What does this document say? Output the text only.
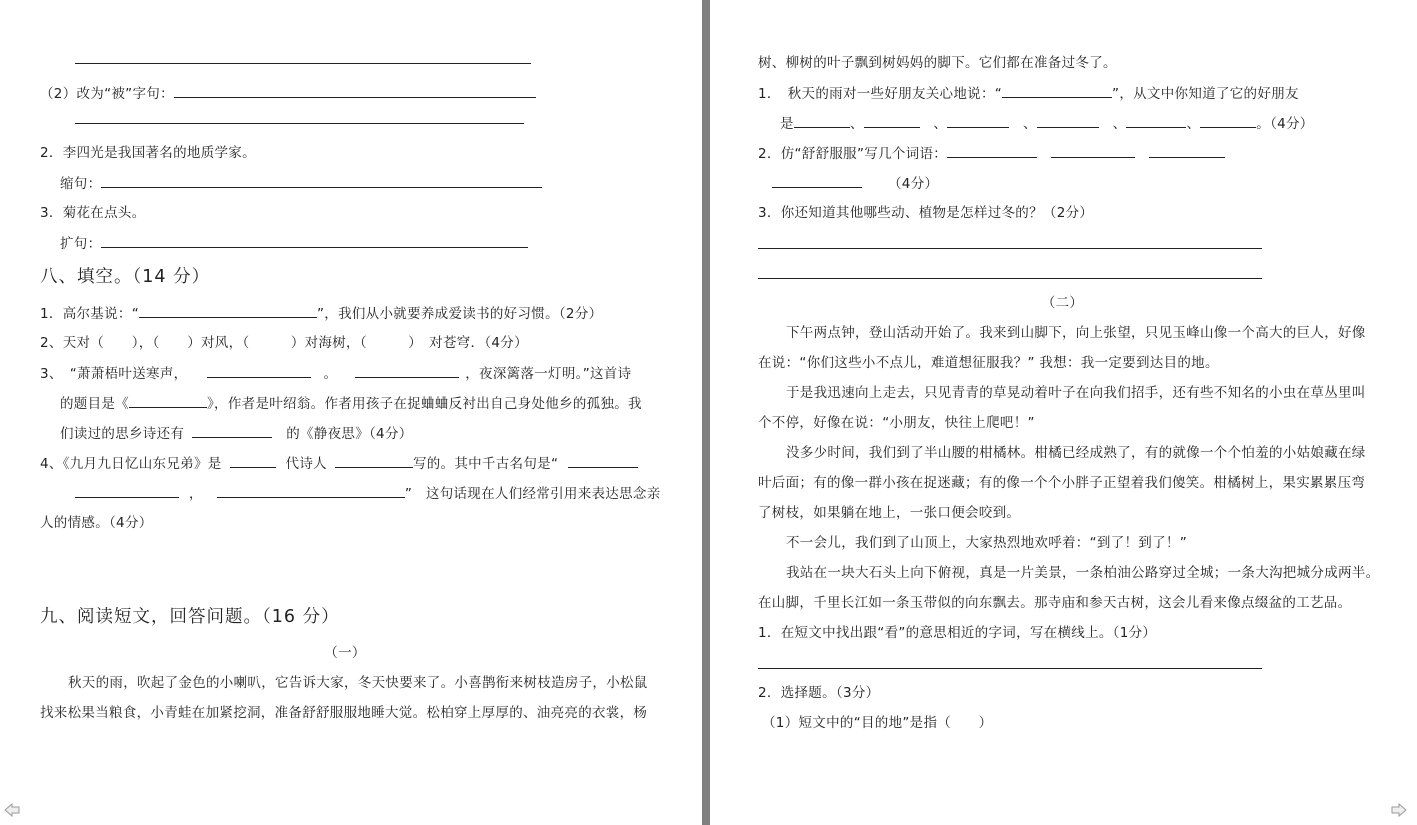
（2）改为“被”字句：
2．李四光是我国著名的地质学家。
缩句：
3．菊花在点头。
扩句：
八、填空。（14 分）
1．高尔基说：“	”，我们从小就要养成爱读书的好习惯。（2分）
2、天对（　　），（　　）对风，（　　　）对海树，（　　　）　对苍穹．（4分）
3、　“萧萧梧叶送寒声，	。	，夜深篱落一灯明。”这首诗
的题目是《	》，作者是叶绍翁。作者用孩子在捉蛐蛐反衬出自己身处他乡的孤独。我
们读过的思乡诗还有	的《静夜思》（4分）
4、《九月九日忆山东兄弟》是	代诗人	写的。其中千古名句是“
，	”　这句话现在人们经常引用来表达思念亲
人的情感。（4分）
九、阅读短文，回答问题。（16 分）
（一）
秋天的雨，吹起了金色的小喇叭，它告诉大家，冬天快要来了。小喜鹊衔来树枝造房子，小松鼠
找来松果当粮食，小青蛙在加紧挖洞，准备舒舒服服地睡大觉。松柏穿上厚厚的、油亮亮的衣裳，杨
树、柳树的叶子飘到树妈妈的脚下。它们都在准备过冬了。
1．　秋天的雨对一些好朋友关心地说：“	”，从文中你知道了它的好朋友
是	、	　、	　、	　、	、	。（4分）
2．仿“舒舒服服”写几个词语：
（4分）
3．你还知道其他哪些动、植物是怎样过冬的？（2分）
（二）
下午两点钟，登山活动开始了。我来到山脚下，向上张望，只见玉峰山像一个高大的巨人，好像
在说：“你们这些小不点儿，难道想征服我？” 我想：我一定要到达目的地。
于是我迅速向上走去，只见青青的草晃动着叶子在向我们招手，还有些不知名的小虫在草丛里叫
个不停，好像在说：“小朋友，快往上爬吧！”
没多少时间，我们到了半山腰的柑橘林。柑橘已经成熟了，有的就像一个个怕羞的小姑娘藏在绿
叶后面；有的像一群小孩在捉迷藏；有的像一个个小胖子正望着我们傻笑。柑橘树上，果实累累压弯
了树枝，如果躺在地上，一张口便会咬到。
不一会儿，我们到了山顶上，大家热烈地欢呼着：“到了！到了！”
我站在一块大石头上向下俯视，真是一片美景，一条柏油公路穿过全城；一条大沟把城分成两半。
在山脚，千里长江如一条玉带似的向东飘去。那寺庙和参天古树，这会儿看来像点缀盆的工艺品。
1．在短文中找出跟“看”的意思相近的字词，写在横线上。（1分）
2．选择题。（3分）
（1）短文中的“目的地”是指（　　）
